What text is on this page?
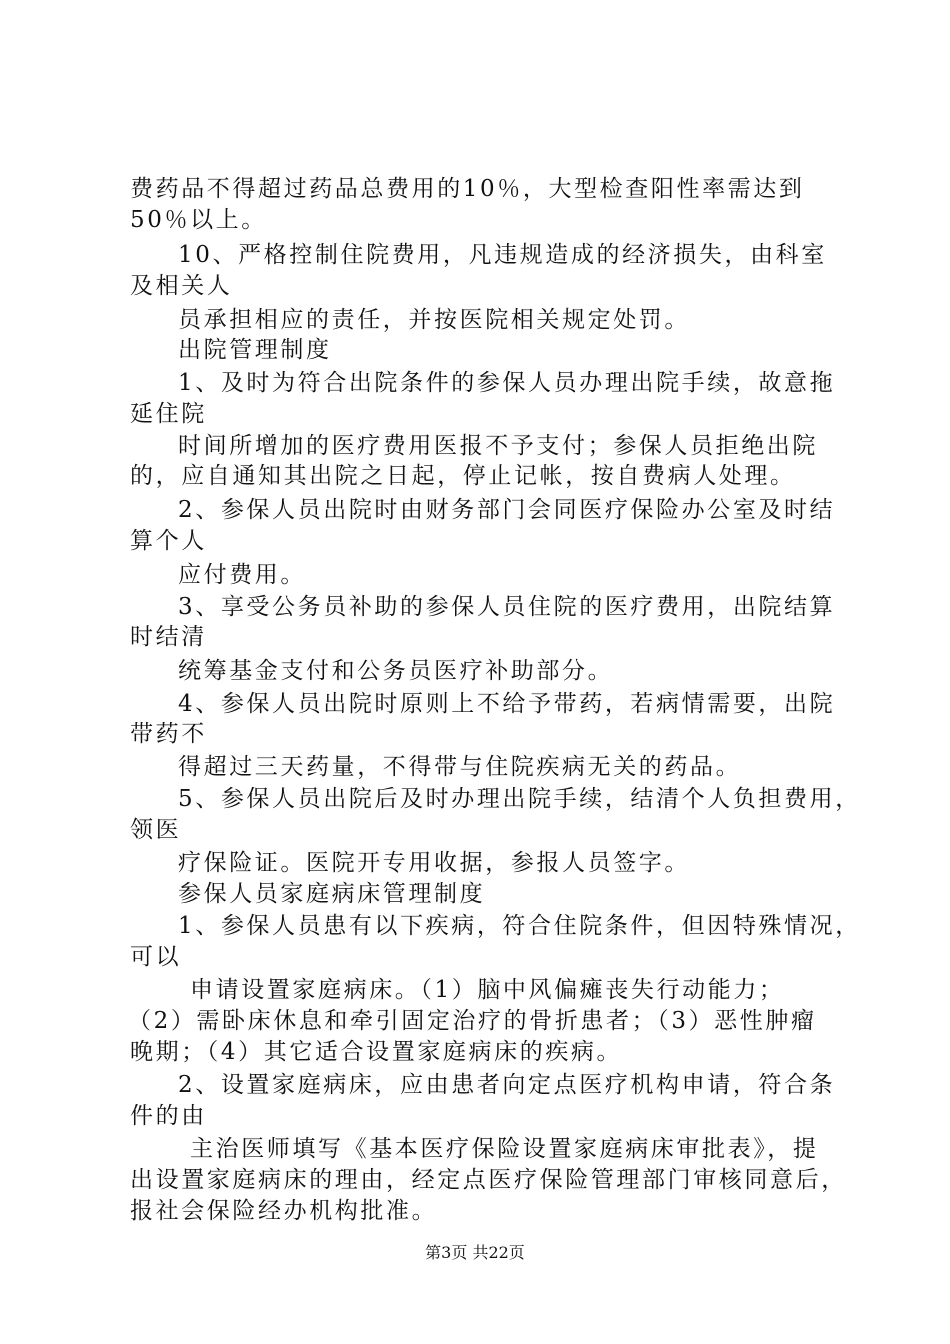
费药品不得超过药品总费用的10％，大型检查阳性率需达到
50％以上。
10、严格控制住院费用，凡违规造成的经济损失，由科室
及相关人
员承担相应的责任，并按医院相关规定处罚。
出院管理制度
1、及时为符合出院条件的参保人员办理出院手续，故意拖
延住院
时间所增加的医疗费用医报不予支付；参保人员拒绝出院
的，应自通知其出院之日起，停止记帐，按自费病人处理。
2、参保人员出院时由财务部门会同医疗保险办公室及时结
算个人
应付费用。
3、享受公务员补助的参保人员住院的医疗费用，出院结算
时结清
统筹基金支付和公务员医疗补助部分。
4、参保人员出院时原则上不给予带药，若病情需要，出院
带药不
得超过三天药量，不得带与住院疾病无关的药品。
5、参保人员出院后及时办理出院手续，结清个人负担费用，
领医
疗保险证。医院开专用收据，参报人员签字。
参保人员家庭病床管理制度
1、参保人员患有以下疾病，符合住院条件，但因特殊情况，
可以
申请设置家庭病床。（1）脑中风偏瘫丧失行动能力；
（2）需卧床休息和牵引固定治疗的骨折患者；（3）恶性肿瘤
晚期；（4）其它适合设置家庭病床的疾病。
2、设置家庭病床，应由患者向定点医疗机构申请，符合条
件的由
主治医师填写《基本医疗保险设置家庭病床审批表》，提
出设置家庭病床的理由，经定点医疗保险管理部门审核同意后，
报社会保险经办机构批准。
第3页 共22页
